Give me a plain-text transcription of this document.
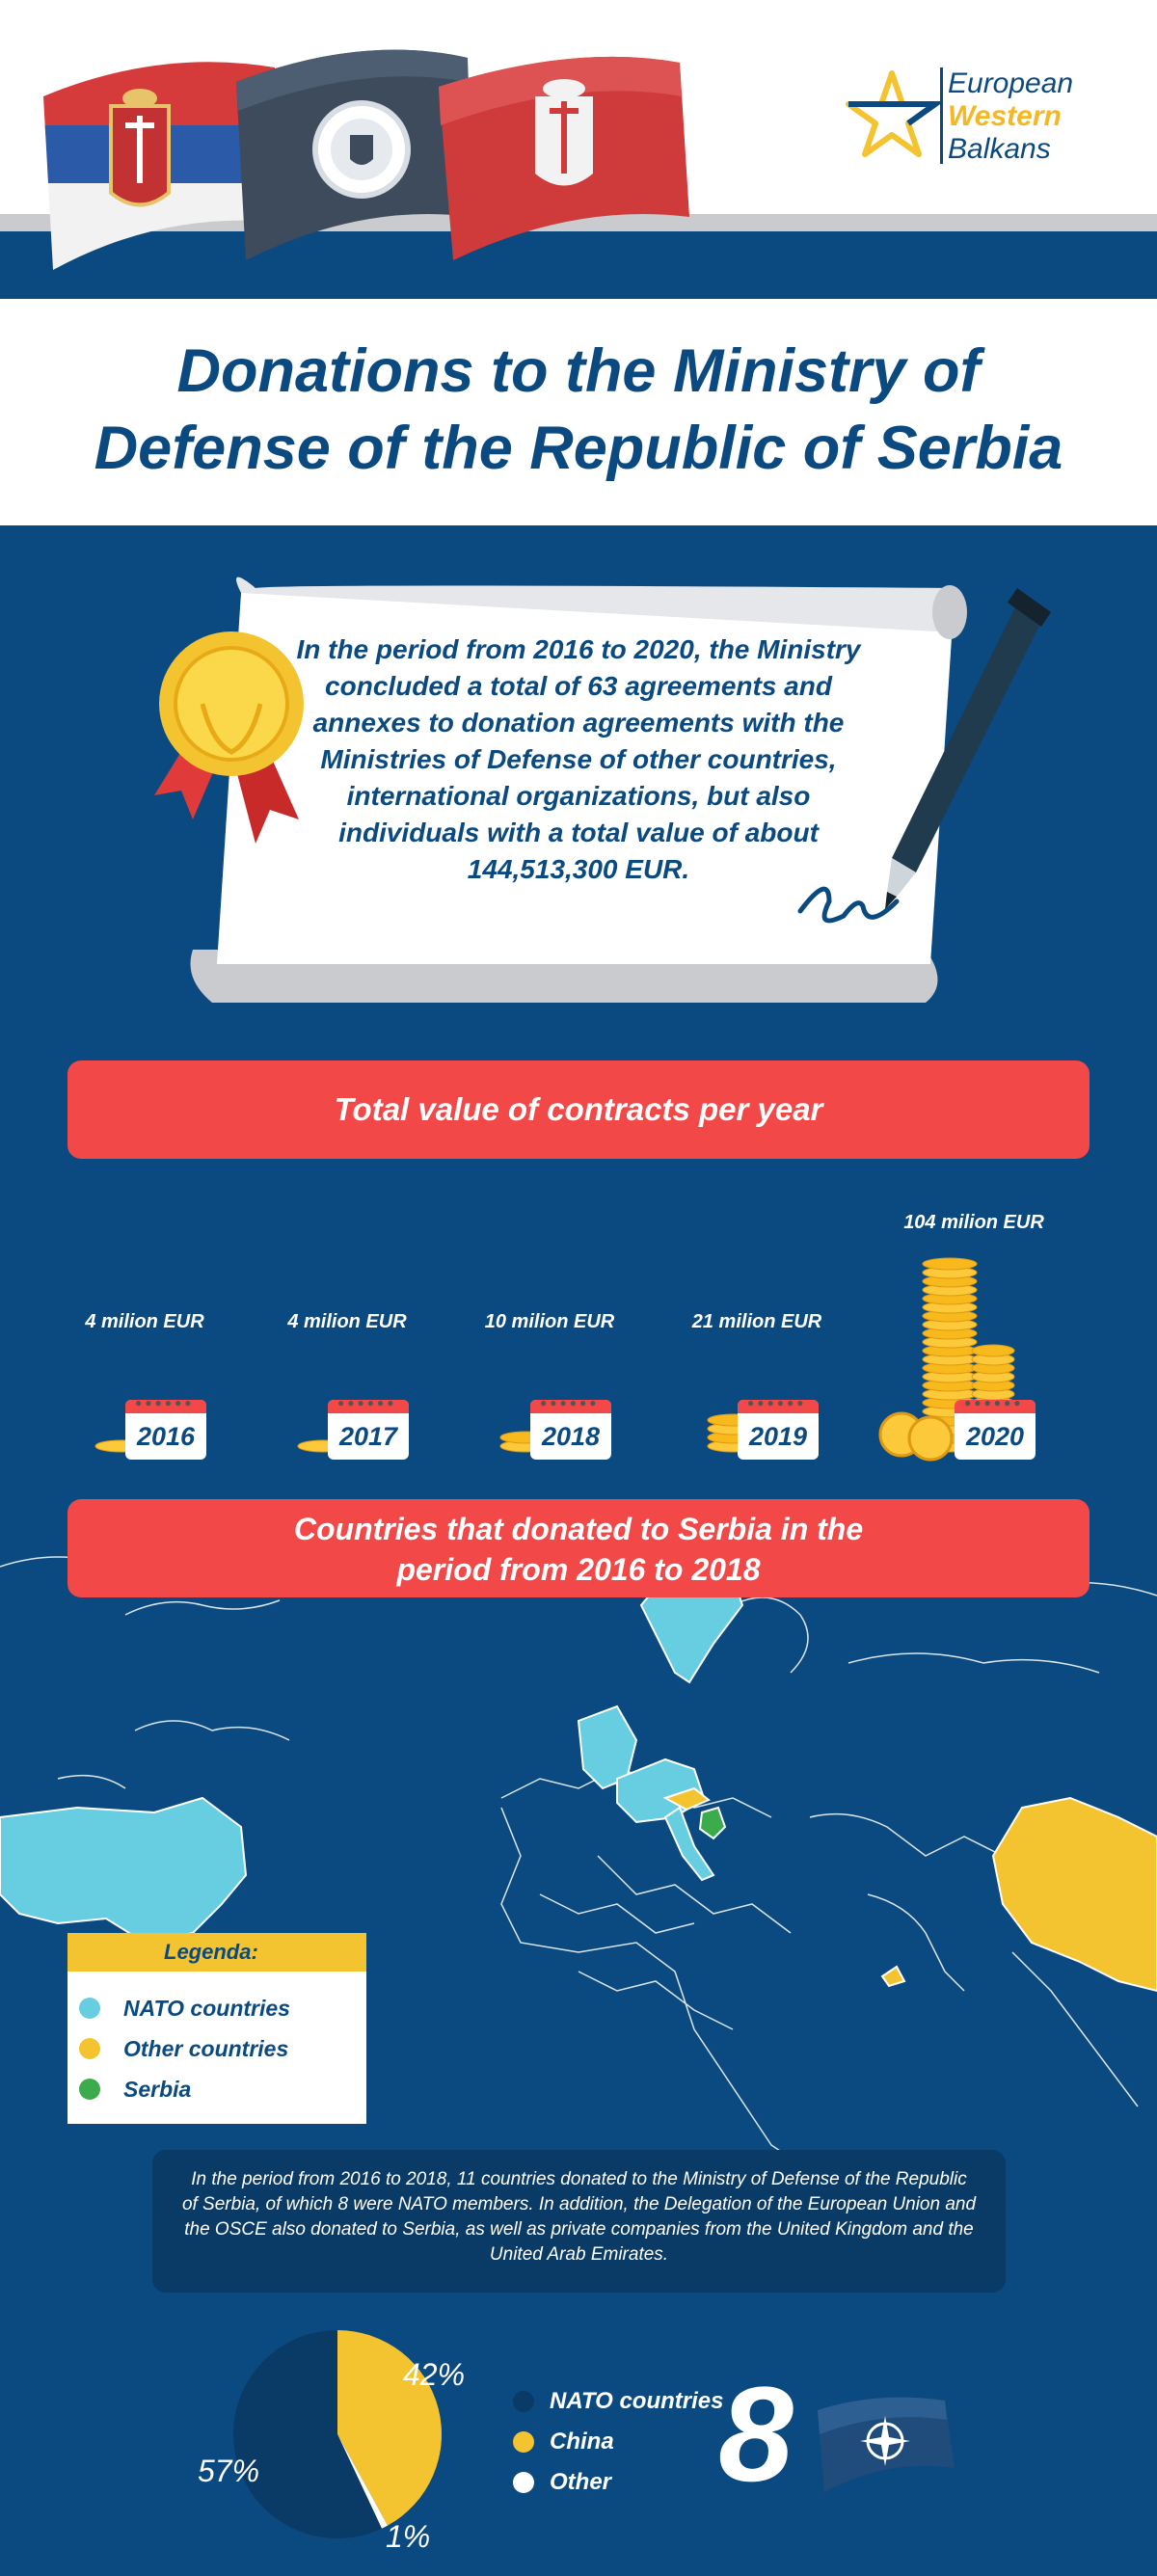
European
Western
Balkans
Donations to the Ministry of
Defense of the Republic of Serbia
In the period from 2016 to 2020, the Ministry concluded a total of 63 agreements and annexes to donation agreements with the Ministries of Defense of other countries, international organizations, but also individuals with a total value of about 144,513,300 EUR.
Total value of contracts per year
4 milion EUR
●●●●●●
2016
4 milion EUR
●●●●●●
2017
10 milion EUR
●●●●●●
2018
21 milion EUR
●●●●●●
2019
104 milion EUR
●●●●●●
2020
Countries that donated to Serbia in the
period from 2016 to 2018
Legenda:
NATO countries
Other countries
Serbia
In the period from 2016 to 2018, 11 countries donated to the Ministry of Defense of the Republic of Serbia, of which 8 were NATO members. In addition, the Delegation of the European Union and the OSCE also donated to Serbia, as well as private companies from the United Kingdom and the United Arab Emirates.
42%
57%
1%
NATO countries
China
Other 8
